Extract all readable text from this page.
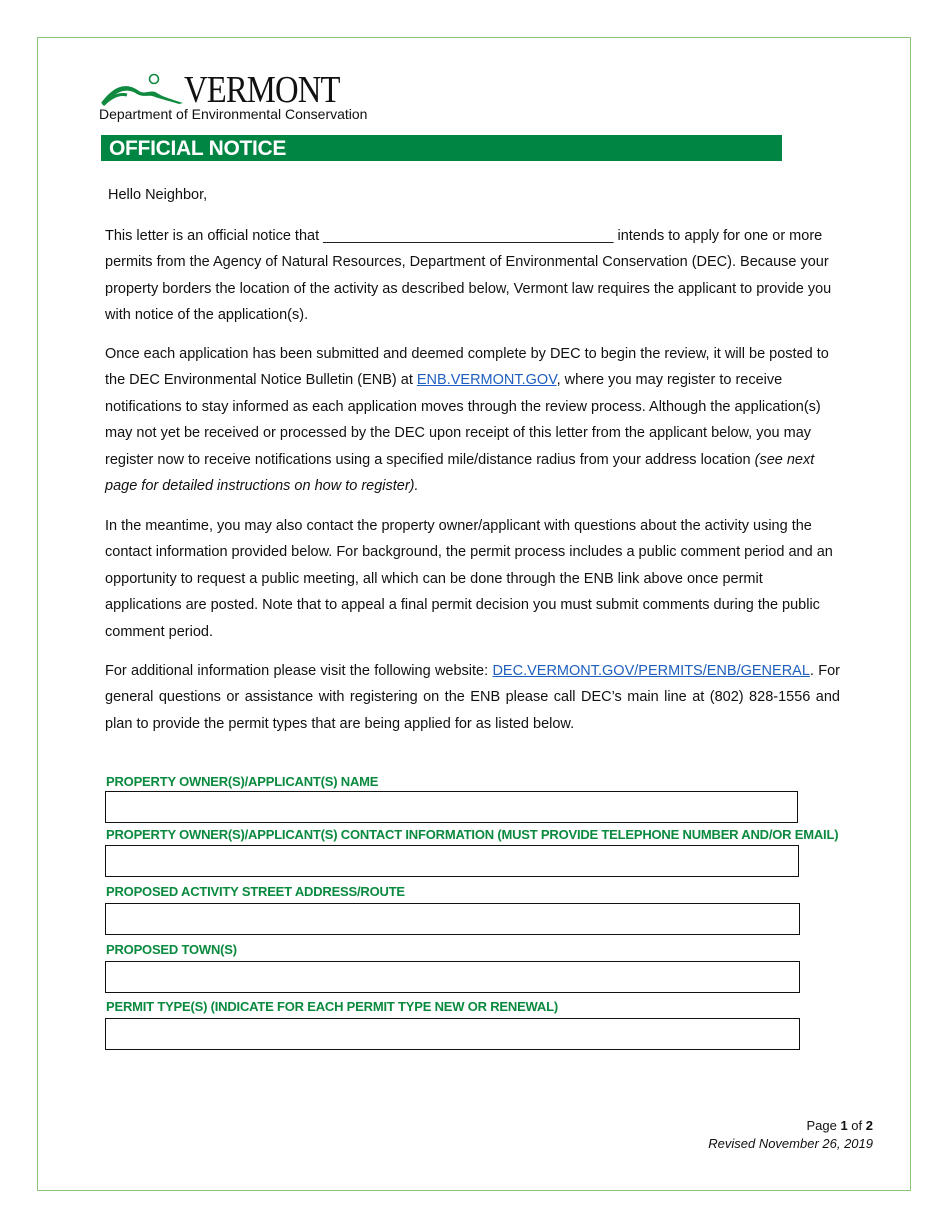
VERMONT
Department of Environmental Conservation
OFFICIAL NOTICE
Hello Neighbor,

This letter is an official notice that ____________________________________ intends to apply for one or more permits from the Agency of Natural Resources, Department of Environmental Conservation (DEC). Because your property borders the location of the activity as described below, Vermont law requires the applicant to provide you with notice of the application(s).

Once each application has been submitted and deemed complete by DEC to begin the review, it will be posted to the DEC Environmental Notice Bulletin (ENB) at ENB.VERMONT.GOV, where you may register to receive notifications to stay informed as each application moves through the review process. Although the application(s) may not yet be received or processed by the DEC upon receipt of this letter from the applicant below, you may register now to receive notifications using a specified mile/distance radius from your address location (see next page for detailed instructions on how to register).

In the meantime, you may also contact the property owner/applicant with questions about the activity using the contact information provided below. For background, the permit process includes a public comment period and an opportunity to request a public meeting, all which can be done through the ENB link above once permit applications are posted. Note that to appeal a final permit decision you must submit comments during the public comment period.

For additional information please visit the following website: DEC.VERMONT.GOV/PERMITS/ENB/GENERAL. For general questions or assistance with registering on the ENB please call DEC’s main line at (802) 828-1556 and plan to provide the permit types that are being applied for as listed below.

PROPERTY OWNER(S)/APPLICANT(S) NAME
PROPERTY OWNER(S)/APPLICANT(S) CONTACT INFORMATION (MUST PROVIDE TELEPHONE NUMBER AND/OR EMAIL)
PROPOSED ACTIVITY STREET ADDRESS/ROUTE
PROPOSED TOWN(S)
PERMIT TYPE(S) (INDICATE FOR EACH PERMIT TYPE NEW OR RENEWAL)
Page 1 of 2
Revised November 26, 2019
